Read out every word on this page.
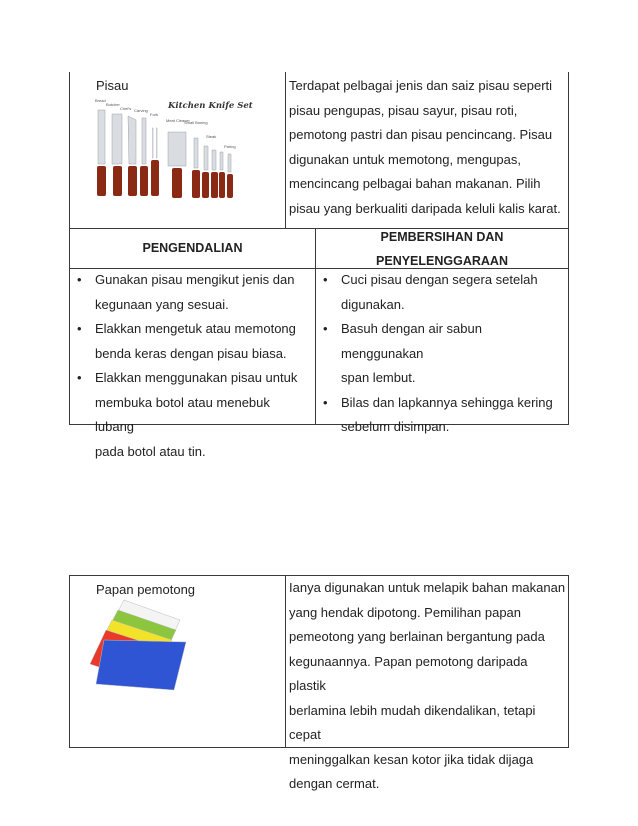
Pisau
Kitchen Knife Set
Bread
Butcher
Chef's Carving
Fork
Meat Cleaver
Small Boning
Steak
Paring
Terdapat pelbagai jenis dan saiz pisau seperti
pisau pengupas, pisau sayur, pisau roti,
pemotong pastri dan pisau pencincang. Pisau
digunakan untuk memotong, mengupas,
mencincang pelbagai bahan makanan. Pilih
pisau yang berkualiti daripada keluli kalis karat.
PENGENDALIAN
PEMBERSIHAN DAN
PENYELENGGARAAN
• Gunakan pisau mengikut jenis dan
kegunaan yang sesuai.
• Elakkan mengetuk atau memotong
benda keras dengan pisau biasa.
• Elakkan menggunakan pisau untuk
membuka botol atau menebuk lubang
pada botol atau tin.
• Cuci pisau dengan segera setelah
digunakan.
• Basuh dengan air sabun menggunakan
span lembut.
• Bilas dan lapkannya sehingga kering
sebelum disimpan.
Papan pemotong	Ianya digunakan untuk melapik bahan makanan
yang hendak dipotong. Pemilihan papan
pemeotong yang berlainan bergantung pada
kegunaannya. Papan pemotong daripada plastik
berlamina lebih mudah dikendalikan, tetapi cepat
meninggalkan kesan kotor jika tidak dijaga
dengan cermat.
